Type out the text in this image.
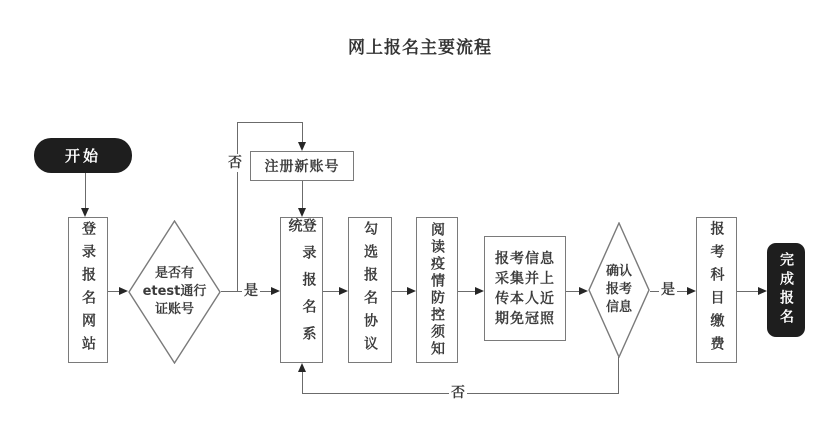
网上报名主要流程
开始
登录报名网站	是否有
etest通行
证账号
是
否 注册新账号
登录报名系统	勾选报名协议	阅读疫情防控须知	报考信息
采集并上
传本人近
期免冠照
确认
报考
信息
是 报考科目缴费	完成报名
否
